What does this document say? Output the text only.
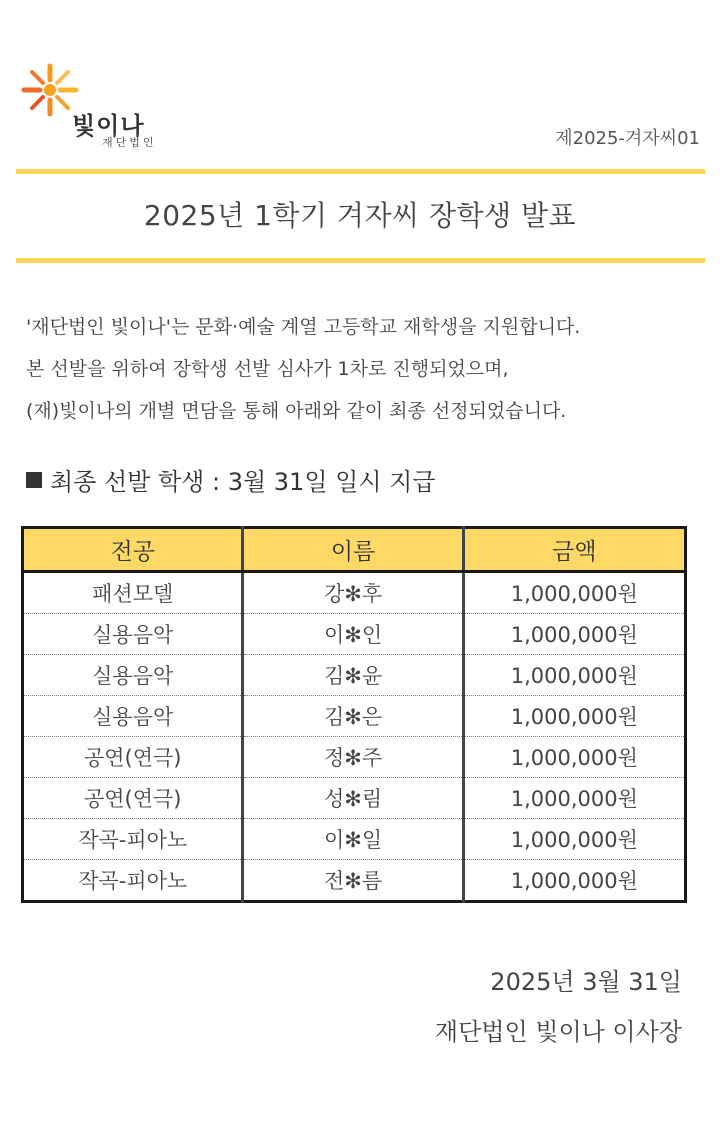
빛이나
재단법인	제2025-겨자씨01
2025년 1학기 겨자씨 장학생 발표

'재단법인 빛이나'는 문화·예술 계열 고등학교 재학생을 지원합니다.

본 선발을 위하여 장학생 선발 심사가 1차로 진행되었으며,

(재)빛이나의 개별 면담을 통해 아래와 같이 최종 선정되었습니다.

최종 선발 학생 : 3월 31일 일시 지급
전공	이름	금액
패션모델	강✻후	1,000,000원
실용음악	이✻인	1,000,000원
실용음악	김✻윤	1,000,000원
실용음악	김✻은	1,000,000원
공연(연극)	정✻주	1,000,000원
공연(연극)	성✻림	1,000,000원
작곡-피아노	이✻일	1,000,000원
작곡-피아노	전✻름	1,000,000원
2025년 3월 31일
재단법인 빛이나 이사장
